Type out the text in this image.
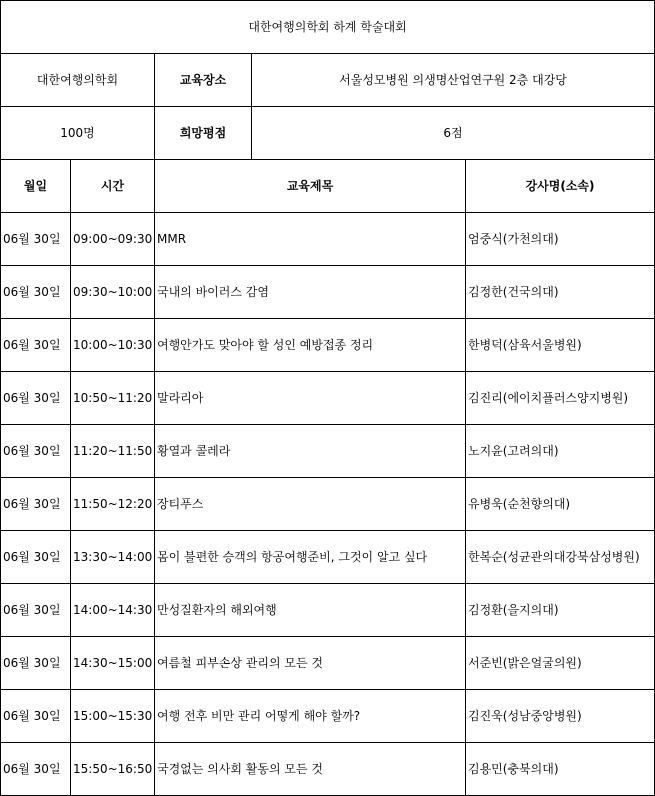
대한여행의학회 하계 학술대회				
대한여행의학회		교육장소	서울성모병원 의생명산업연구원 2층 대강당	
100명		희망평점	6점	
월일	시간	교육제목		강사명(소속)
06월 30일	09:00~09:30	MMR		엄중식(가천의대)
06월 30일	09:30~10:00	국내의 바이러스 감염		김정한(건국의대)
06월 30일	10:00~10:30	여행안가도 맞아야 할 성인 예방접종 정리		한병덕(삼육서울병원)
06월 30일	10:50~11:20	말라리아		김진리(에이치플러스양지병원)
06월 30일	11:20~11:50	황열과 콜레라		노지윤(고려의대)
06월 30일	11:50~12:20	장티푸스		유병욱(순천향의대)
06월 30일	13:30~14:00	몸이 불편한 승객의 항공여행준비, 그것이 알고 싶다		한복순(성균관의대강북삼성병원)
06월 30일	14:00~14:30	만성질환자의 해외여행		김정환(을지의대)
06월 30일	14:30~15:00	여름철 피부손상 관리의 모든 것		서준빈(밝은얼굴의원)
06월 30일	15:00~15:30	여행 전후 비만 관리 어떻게 해야 할까?		김진욱(성남중앙병원)
06월 30일	15:50~16:50	국경없는 의사회 활동의 모든 것		김용민(충북의대)
